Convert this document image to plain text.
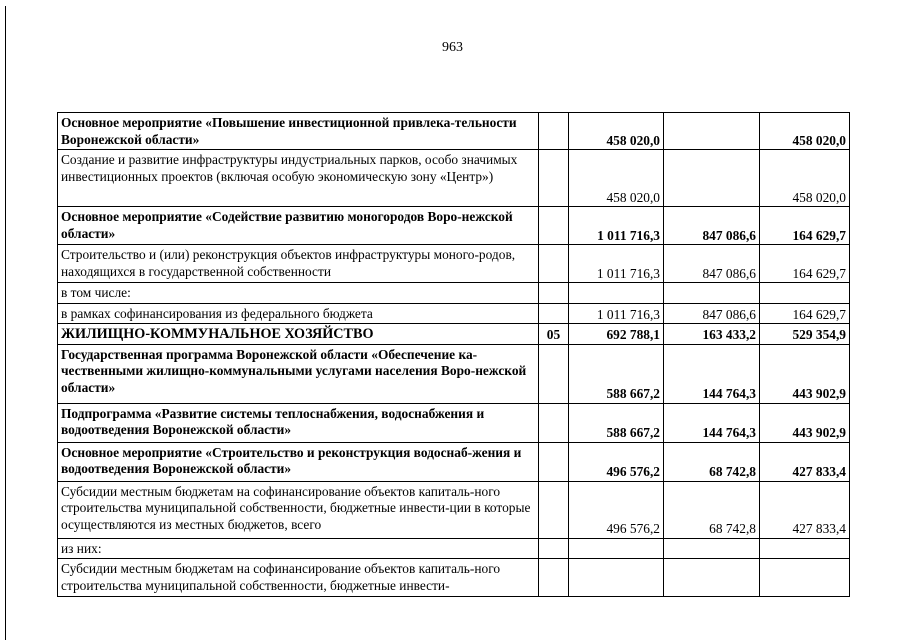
963
Основное мероприятие «Повышение инвестиционной привлека-тельности Воронежской области»		458 020,0		458 020,0
Создание и развитие инфраструктуры индустриальных парков, особо значимых инвестиционных проектов (включая особую экономическую зону «Центр»)		458 020,0		458 020,0
Основное мероприятие «Содействие развитию моногородов Воро-нежской области»		1 011 716,3	847 086,6	164 629,7
Строительство и (или) реконструкция объектов инфраструктуры моного-родов, находящихся в государственной собственности		1 011 716,3	847 086,6	164 629,7
в том числе:				
в рамках софинансирования из федерального бюджета		1 011 716,3	847 086,6	164 629,7
ЖИЛИЩНО-КОММУНАЛЬНОЕ ХОЗЯЙСТВО	05	692 788,1	163 433,2	529 354,9
Государственная программа Воронежской области «Обеспечение ка-чественными жилищно-коммунальными услугами населения Воро-нежской области»		588 667,2	144 764,3	443 902,9
Подпрограмма «Развитие системы теплоснабжения, водоснабжения и водоотведения Воронежской области»		588 667,2	144 764,3	443 902,9
Основное мероприятие «Строительство и реконструкция водоснаб-жения и водоотведения Воронежской области»		496 576,2	68 742,8	427 833,4
Субсидии местным бюджетам на софинансирование объектов капиталь-ного строительства муниципальной собственности, бюджетные инвести-ции в которые осуществляются из местных бюджетов, всего		496 576,2	68 742,8	427 833,4
из них:				
Субсидии местным бюджетам на софинансирование объектов капиталь-ного строительства муниципальной собственности, бюджетные инвести-				
